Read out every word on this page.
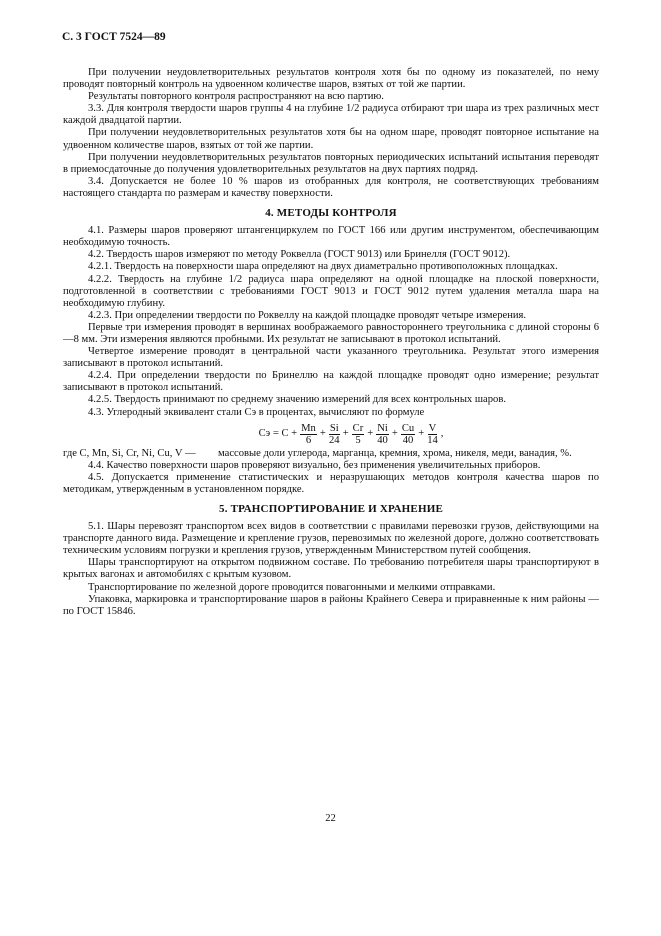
С. 3 ГОСТ 7524—89

При получении неудовлетворительных результатов контроля хотя бы по одному из показателей, по нему проводят повторный контроль на удвоенном количестве шаров, взятых от той же партии.

Результаты повторного контроля распространяют на всю партию.

3.3. Для контроля твердости шаров группы 4 на глубине 1/2 радиуса отбирают три шара из трех различных мест каждой двадцатой партии.

При получении неудовлетворительных результатов хотя бы на одном шаре, проводят повторное испытание на удвоенном количестве шаров, взятых от той же партии.

При получении неудовлетворительных результатов повторных периодических испытаний испытания переводят в приемосдаточные до получения удовлетворительных результатов на двух партиях подряд.

3.4. Допускается не более 10 % шаров из отобранных для контроля, не соответствующих требованиям настоящего стандарта по размерам и качеству поверхности.

4. МЕТОДЫ КОНТРОЛЯ

4.1. Размеры шаров проверяют штангенциркулем по ГОСТ 166 или другим инструментом, обеспечивающим необходимую точность.

4.2. Твердость шаров измеряют по методу Роквелла (ГОСТ 9013) или Бринелля (ГОСТ 9012).

4.2.1. Твердость на поверхности шара определяют на двух диаметрально противоположных площадках.

4.2.2. Твердость на глубине 1/2 радиуса шара определяют на одной площадке на плоской поверхности, подготовленной в соответствии с требованиями ГОСТ 9013 и ГОСТ 9012 путем удаления металла шара на необходимую глубину.

4.2.3. При определении твердости по Роквеллу на каждой площадке проводят четыре измерения.

Первые три измерения проводят в вершинах воображаемого равностороннего треугольника с длиной стороны 6—8 мм. Эти измерения являются пробными. Их результат не записывают в протокол испытаний.

Четвертое измерение проводят в центральной части указанного треугольника. Результат этого измерения записывают в протокол испытаний.

4.2.4. При определении твердости по Бринеллю на каждой площадке проводят одно измерение; результат записывают в протокол испытаний.

4.2.5. Твердость принимают по среднему значению измерений для всех контрольных шаров.

4.3. Углеродный эквивалент стали Cэ в процентах, вычисляют по формуле

Cэ = $C + \frac{Mn}{6} + \frac{Si}{24} + \frac{Cr}{5} + \frac{Ni}{40} + \frac{Cu}{40} + \frac{V}{14}$ ,
где C, Mn, Si, Cr, Ni, Cu, V —	массовые доли углерода, марганца, кремния, хрома, никеля, меди, ванадия, %.

4.4. Качество поверхности шаров проверяют визуально, без применения увеличительных приборов.

4.5. Допускается применение статистических и неразрушающих методов контроля качества шаров по методикам, утвержденным в установленном порядке.

5. ТРАНСПОРТИРОВАНИЕ И ХРАНЕНИЕ

5.1. Шары перевозят транспортом всех видов в соответствии с правилами перевозки грузов, действующими на транспорте данного вида. Размещение и крепление грузов, перевозимых по железной дороге, должно соответствовать техническим условиям погрузки и крепления грузов, утвержденным Министерством путей сообщения.

Шары транспортируют на открытом подвижном составе. По требованию потребителя шары транспортируют в крытых вагонах и автомобилях с крытым кузовом.

Транспортирование по железной дороге проводится повагонными и мелкими отправками.

Упаковка, маркировка и транспортирование шаров в районы Крайнего Севера и приравненные к ним районы — по ГОСТ 15846.

22
